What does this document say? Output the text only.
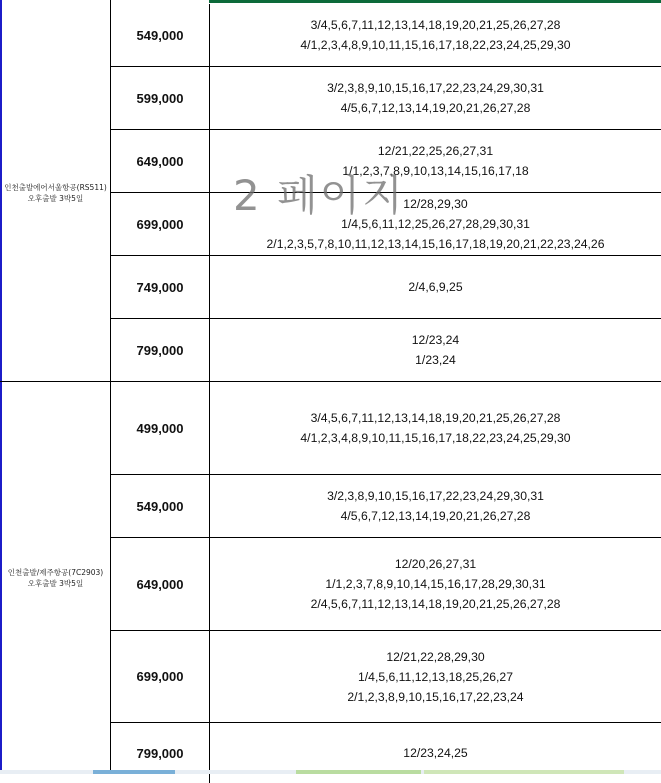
인천출발에어서울항공(RS511)
오후출발 3박5일
인천출발/제주항공(7C2903)
오후출발 3박5일
549,000
3/4,5,6,7,11,12,13,14,18,19,20,21,25,26,27,28
4/1,2,3,4,8,9,10,11,15,16,17,18,22,23,24,25,29,30
599,000
3/2,3,8,9,10,15,16,17,22,23,24,29,30,31
4/5,6,7,12,13,14,19,20,21,26,27,28
649,000
12/21,22,25,26,27,31
1/1,2,3,7,8,9,10,13,14,15,16,17,18
699,000
12/28,29,30
1/4,5,6,11,12,25,26,27,28,29,30,31
2/1,2,3,5,7,8,10,11,12,13,14,15,16,17,18,19,20,21,22,23,24,26
749,000	2/4,6,9,25
799,000
12/23,24
1/23,24
499,000
3/4,5,6,7,11,12,13,14,18,19,20,21,25,26,27,28
4/1,2,3,4,8,9,10,11,15,16,17,18,22,23,24,25,29,30
549,000
3/2,3,8,9,10,15,16,17,22,23,24,29,30,31
4/5,6,7,12,13,14,19,20,21,26,27,28
649,000
12/20,26,27,31
1/1,2,3,7,8,9,10,14,15,16,17,28,29,30,31
2/4,5,6,7,11,12,13,14,18,19,20,21,25,26,27,28
699,000
12/21,22,28,29,30
1/4,5,6,11,12,13,18,25,26,27
2/1,2,3,8,9,10,15,16,17,22,23,24
799,000	12/23,24,25
2 페이지
